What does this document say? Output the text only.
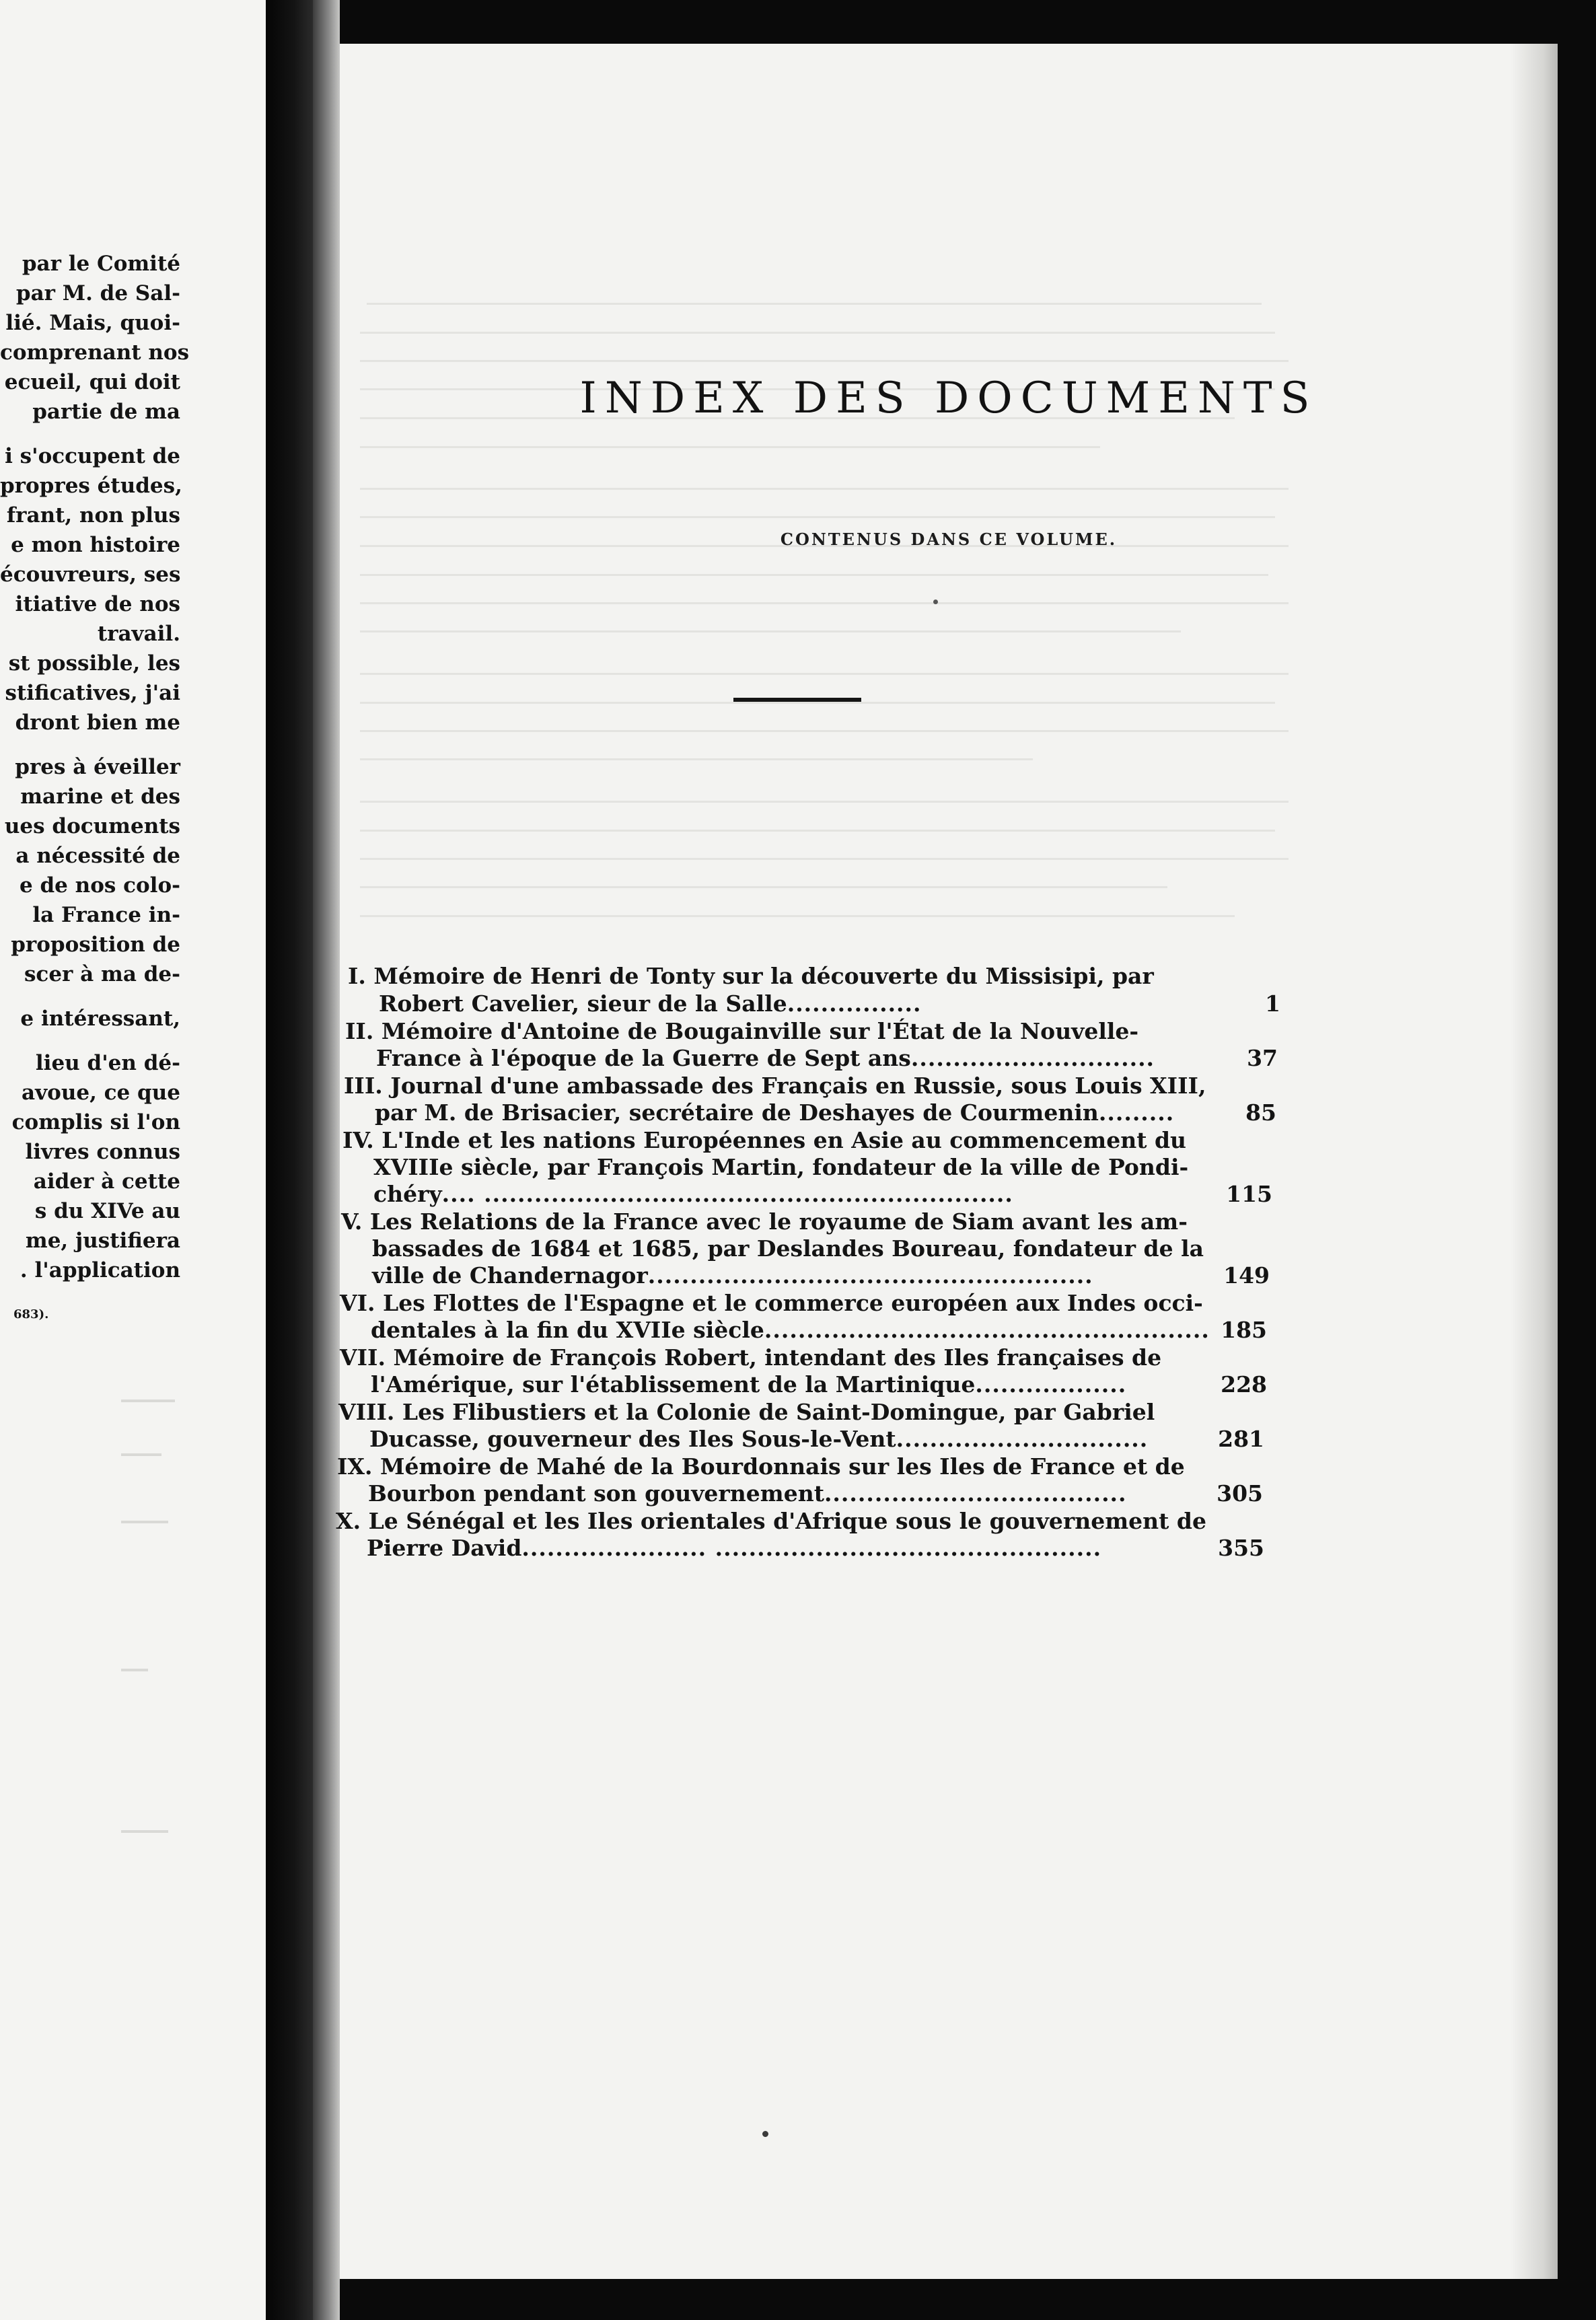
par le Comité
par M. de Sal-
lié. Mais, quoi-
comprenant nos
ecueil, qui doit
partie de ma
i s'occupent de
propres études,
frant, non plus
e mon histoire
écouvreurs, ses
itiative de nos
travail.
st possible, les
stificatives, j'ai
dront bien me
pres à éveiller
marine et des
ues documents
a nécessité de
e de nos colo-
la France in-
proposition de
scer à ma de-
e intéressant,
lieu d'en dé-
avoue, ce que
complis si l'on
livres connus
aider à cette
s du XIVe au
me, justifiera
. l'application
683).
INDEX DES DOCUMENTS
CONTENUS DANS CE VOLUME.
I. Mémoire de Henri de Tonty sur la découverte du Missisipi, par
Robert Cavelier, sieur de la Salle................	1
II. Mémoire d'Antoine de Bougainville sur l'État de la Nouvelle-
France à l'époque de la Guerre de Sept ans.............................	37
III. Journal d'une ambassade des Français en Russie, sous Louis XIII,
par M. de Brisacier, secrétaire de Deshayes de Courmenin.........	85
IV. L'Inde et les nations Européennes en Asie au commencement du
XVIIIe siècle, par François Martin, fondateur de la ville de Pondi-
chéry.... ...............................................................	115
V. Les Relations de la France avec le royaume de Siam avant les am-
bassades de 1684 et 1685, par Deslandes Boureau, fondateur de la
ville de Chandernagor.....................................................	149
VI. Les Flottes de l'Espagne et le commerce européen aux Indes occi-
dentales à la fin du XVIIe siècle..................................................... 185
VII. Mémoire de François Robert, intendant des Iles françaises de
l'Amérique, sur l'établissement de la Martinique..................	228
VIII. Les Flibustiers et la Colonie de Saint-Domingue, par Gabriel
Ducasse, gouverneur des Iles Sous-le-Vent..............................	281
IX. Mémoire de Mahé de la Bourdonnais sur les Iles de France et de
Bourbon pendant son gouvernement....................................	305
X. Le Sénégal et les Iles orientales d'Afrique sous le gouvernement de
Pierre David...................... ..............................................	355
